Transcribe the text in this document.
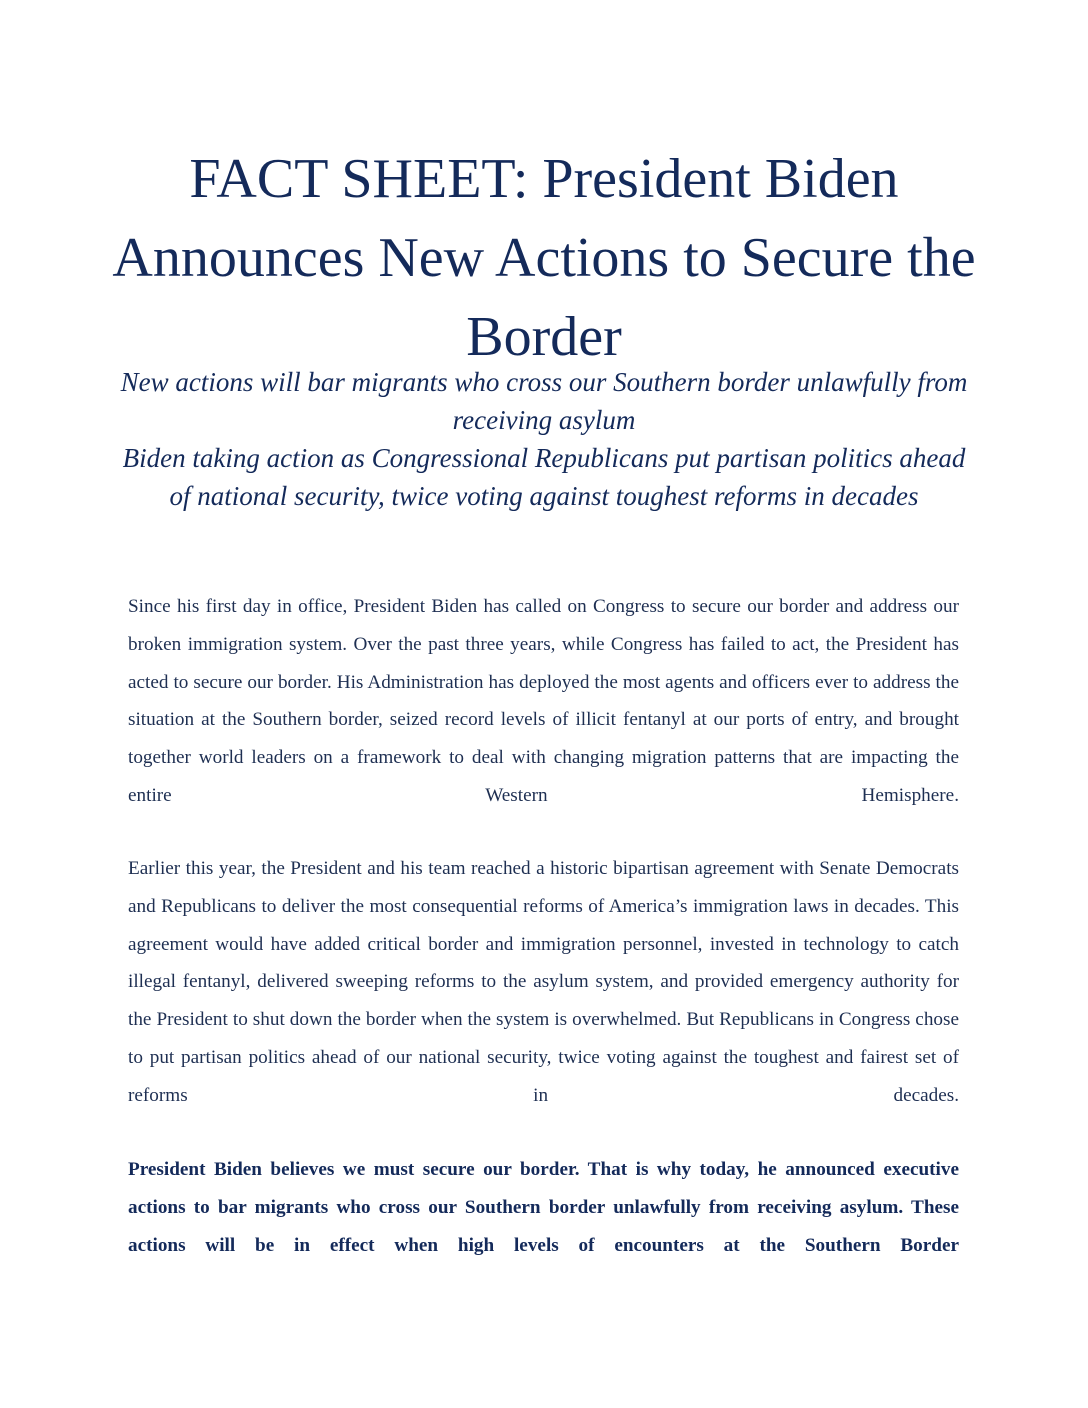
FACT SHEET: President Biden Announces New Actions to Secure the Border

New actions will bar migrants who cross our Southern border unlawfully from receiving asylum

Biden taking action as Congressional Republicans put partisan politics ahead of national security, twice voting against toughest reforms in decades

Since his first day in office, President Biden has called on Congress to secure our border and address our broken immigration system. Over the past three years, while Congress has failed to act, the President has acted to secure our border. His Administration has deployed the most agents and officers ever to address the situation at the Southern border, seized record levels of illicit fentanyl at our ports of entry, and brought together world leaders on a framework to deal with changing migration patterns that are impacting the entire Western Hemisphere.

Earlier this year, the President and his team reached a historic bipartisan agreement with Senate Democrats and Republicans to deliver the most consequential reforms of America’s immigration laws in decades. This agreement would have added critical border and immigration personnel, invested in technology to catch illegal fentanyl, delivered sweeping reforms to the asylum system, and provided emergency authority for the President to shut down the border when the system is overwhelmed. But Republicans in Congress chose to put partisan politics ahead of our national security, twice voting against the toughest and fairest set of reforms in decades.

President Biden believes we must secure our border. That is why today, he announced executive actions to bar migrants who cross our Southern border unlawfully from receiving asylum. These actions will be in effect when high levels of encounters at the Southern Border
